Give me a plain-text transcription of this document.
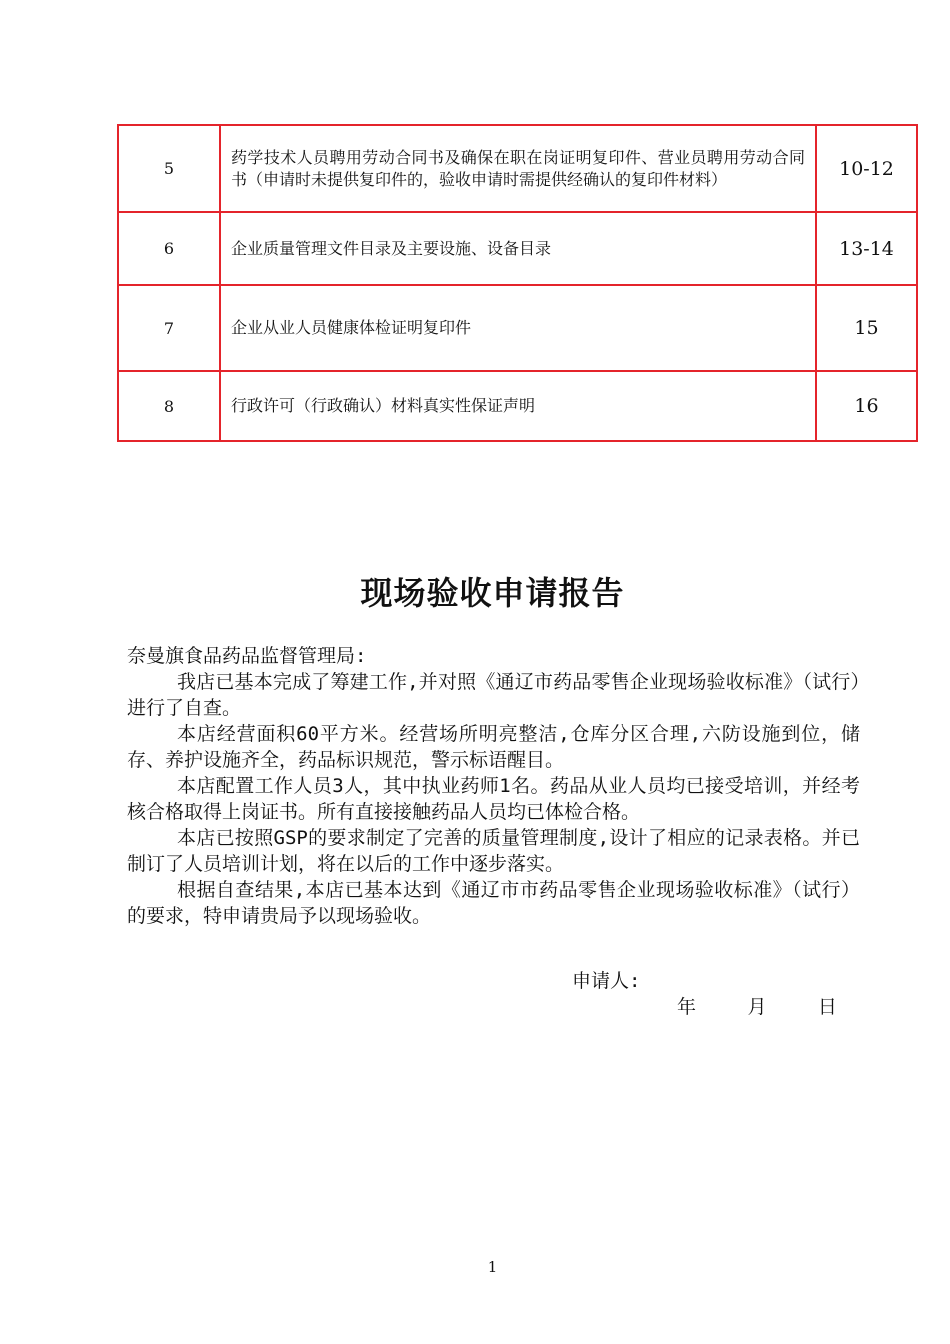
5	药学技术人员聘用劳动合同书及确保在职在岗证明复印件、营业员聘用劳动合同书（申请时未提供复印件的，验收申请时需提供经确认的复印件材料）	10-12
6	企业质量管理文件目录及主要设施、设备目录	13-14
7	企业从业人员健康体检证明复印件	15
8	行政许可（行政确认）材料真实性保证声明	16
现场验收申请报告

奈曼旗食品药品监督管理局:

我店已基本完成了筹建工作,并对照《通辽市药品零售企业现场验收标准》（试行）进行了自查。

本店经营面积60平方米。经营场所明亮整洁,仓库分区合理,六防设施到位，储存、养护设施齐全，药品标识规范，警示标语醒目。

本店配置工作人员3人，其中执业药师1名。药品从业人员均已接受培训，并经考核合格取得上岗证书。所有直接接触药品人员均已体检合格。

本店已按照GSP的要求制定了完善的质量管理制度,设计了相应的记录表格。并已制订了人员培训计划，将在以后的工作中逐步落实。

根据自查结果,本店已基本达到《通辽市市药品零售企业现场验收标准》（试行）的要求，特申请贵局予以现场验收。

申请人:
年 月 日
1
